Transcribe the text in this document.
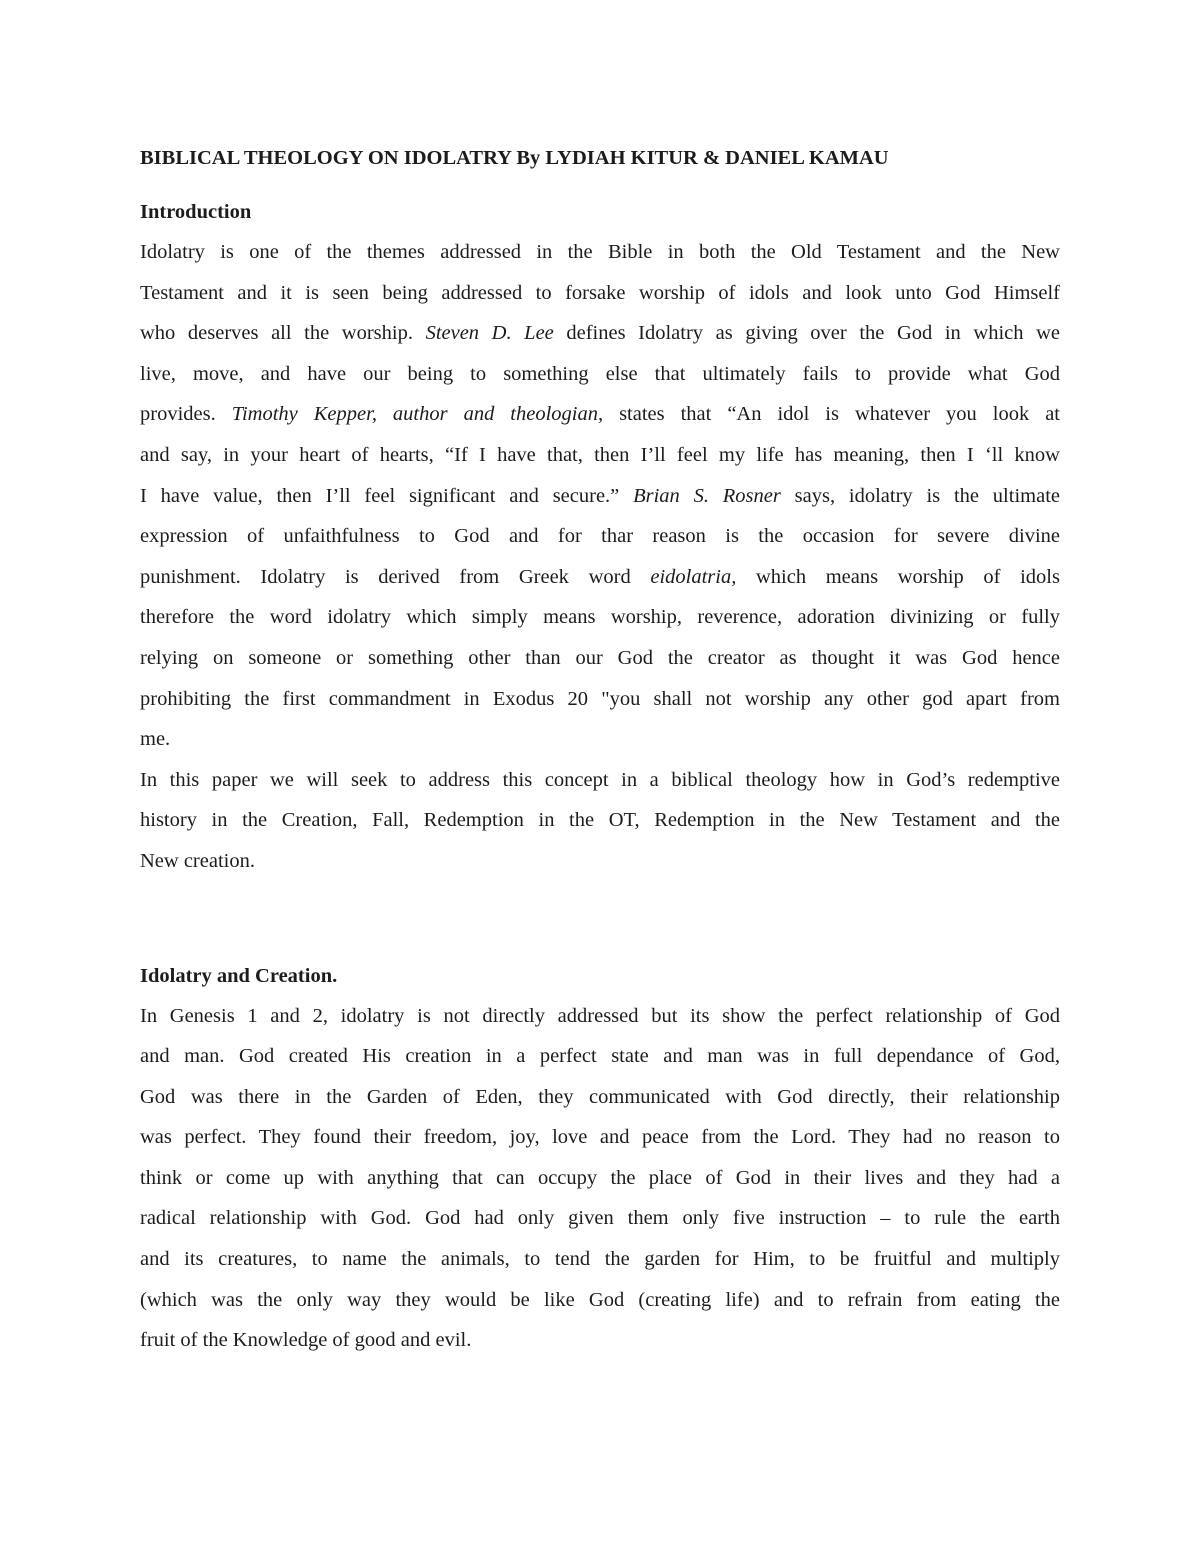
BIBLICAL THEOLOGY ON IDOLATRY By LYDIAH KITUR & DANIEL KAMAU
Introduction

Idolatry is one of the themes addressed in the Bible in both the Old Testament and the New
Testament and it is seen being addressed to forsake worship of idols and look unto God Himself
who deserves all the worship. Steven D. Lee defines Idolatry as giving over the God in which we
live, move, and have our being to something else that ultimately fails to provide what God
provides. Timothy Kepper, author and theologian, states that “An idol is whatever you look at
and say, in your heart of hearts, “If I have that, then I’ll feel my life has meaning, then I ‘ll know
I have value, then I’ll feel significant and secure.” Brian S. Rosner says, idolatry is the ultimate
expression of unfaithfulness to God and for thar reason is the occasion for severe divine
punishment. Idolatry is derived from Greek word eidolatria, which means worship of idols
therefore the word idolatry which simply means worship, reverence, adoration divinizing or fully
relying on someone or something other than our God the creator as thought it was God hence
prohibiting the first commandment in Exodus 20 "you shall not worship any other god apart from
me.

In this paper we will seek to address this concept in a biblical theology how in God’s redemptive
history in the Creation, Fall, Redemption in the OT, Redemption in the New Testament and the
New creation.

Idolatry and Creation.

In Genesis 1 and 2, idolatry is not directly addressed but its show the perfect relationship of God
and man. God created His creation in a perfect state and man was in full dependance of God,
God was there in the Garden of Eden, they communicated with God directly, their relationship
was perfect. They found their freedom, joy, love and peace from the Lord. They had no reason to
think or come up with anything that can occupy the place of God in their lives and they had a
radical relationship with God. God had only given them only five instruction – to rule the earth
and its creatures, to name the animals, to tend the garden for Him, to be fruitful and multiply
(which was the only way they would be like God (creating life) and to refrain from eating the
fruit of the Knowledge of good and evil.
